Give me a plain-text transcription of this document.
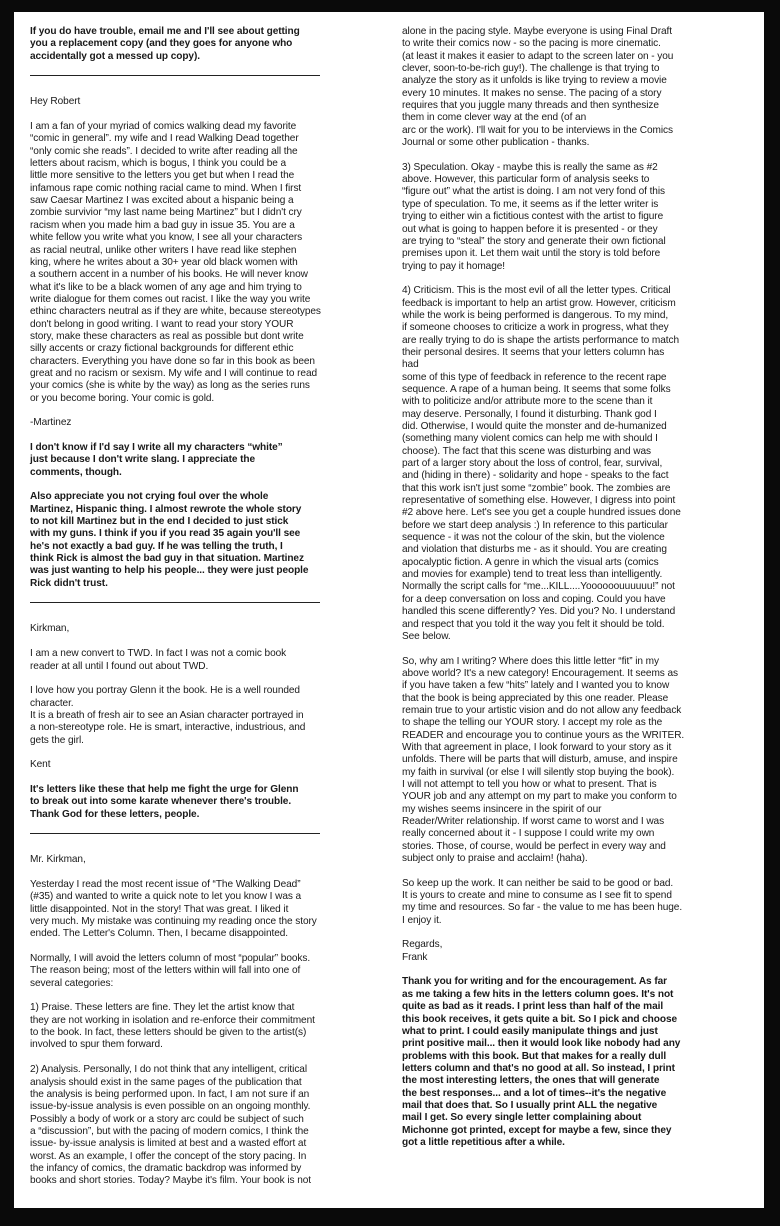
If you do have trouble, email me and I'll see about getting
you a replacement copy (and they goes for anyone who
accidentally got a messed up copy).

Hey Robert

I am a fan of your myriad of comics walking dead my favorite
“comic in general”. my wife and I read Walking Dead together
“only comic she reads”. I decided to write after reading all the
letters about racism, which is bogus, I think you could be a
little more sensitive to the letters you get but when I read the
infamous rape comic nothing racial came to mind. When I first
saw Caesar Martinez I was excited about a hispanic being a
zombie survivior “my last name being Martinez” but I didn't cry
racism when you made him a bad guy in issue 35. You are a
white fellow you write what you know, I see all your characters
as racial neutral, unlike other writers I have read like stephen
king, where he writes about a 30+ year old black women with
a southern accent in a number of his books. He will never know
what it's like to be a black women of any age and him trying to
write dialogue for them comes out racist. I like the way you write
ethinc characters neutral as if they are white, because stereotypes
don't belong in good writing. I want to read your story YOUR
story, make these characters as real as possible but dont write
silly accents or crazy fictional backgrounds for different ethic
characters. Everything you have done so far in this book as been
great and no racism or sexism. My wife and I will continue to read
your comics (she is white by the way) as long as the series runs
or you become boring. Your comic is gold.

-Martinez

I don't know if I'd say I write all my characters “white”
just because I don't write slang. I appreciate the
comments, though.

Also appreciate you not crying foul over the whole
Martinez, Hispanic thing. I almost rewrote the whole story
to not kill Martinez but in the end I decided to just stick
with my guns. I think if you if you read 35 again you'll see
he's not exactly a bad guy. If he was telling the truth, I
think Rick is almost the bad guy in that situation. Martinez
was just wanting to help his people... they were just people
Rick didn't trust.

Kirkman,

I am a new convert to TWD. In fact I was not a comic book
reader at all until I found out about TWD.

I love how you portray Glenn it the book. He is a well rounded
character.
It is a breath of fresh air to see an Asian character portrayed in
a non-stereotype role. He is smart, interactive, industrious, and
gets the girl.

Kent

It's letters like these that help me fight the urge for Glenn
to break out into some karate whenever there's trouble.
Thank God for these letters, people.

Mr. Kirkman,

Yesterday I read the most recent issue of “The Walking Dead”
(#35) and wanted to write a quick note to let you know I was a
little disappointed. Not in the story! That was great. I liked it
very much. My mistake was continuing my reading once the story
ended. The Letter's Column. Then, I became disappointed.

Normally, I will avoid the letters column of most “popular” books.
The reason being; most of the letters within will fall into one of
several categories:

1) Praise. These letters are fine. They let the artist know that
they are not working in isolation and re-enforce their commitment
to the book. In fact, these letters should be given to the artist(s)
involved to spur them forward.

2) Analysis. Personally, I do not think that any intelligent, critical
analysis should exist in the same pages of the publication that
the analysis is being performed upon. In fact, I am not sure if an
issue-by-issue analysis is even possible on an ongoing monthly.
Possibly a body of work or a story arc could be subject of such
a “discussion”, but with the pacing of modern comics, I think the
issue- by-issue analysis is limited at best and a wasted effort at
worst. As an example, I offer the concept of the story pacing. In
the infancy of comics, the dramatic backdrop was informed by
books and short stories. Today? Maybe it's film. Your book is not

alone in the pacing style. Maybe everyone is using Final Draft
to write their comics now - so the pacing is more cinematic.
(at least it makes it easier to adapt to the screen later on - you
clever, soon-to-be-rich guy!). The challenge is that trying to
analyze the story as it unfolds is like trying to review a movie
every 10 minutes. It makes no sense. The pacing of a story
requires that you juggle many threads and then synthesize
them in come clever way at the end (of an
arc or the work). I'll wait for you to be interviews in the Comics
Journal or some other publication - thanks.

3) Speculation. Okay - maybe this is really the same as #2
above. However, this particular form of analysis seeks to
“figure out” what the artist is doing. I am not very fond of this
type of speculation. To me, it seems as if the letter writer is
trying to either win a fictitious contest with the artist to figure
out what is going to happen before it is presented - or they
are trying to “steal” the story and generate their own fictional
premises upon it. Let them wait until the story is told before
trying to pay it homage!

4) Criticism. This is the most evil of all the letter types. Critical
feedback is important to help an artist grow. However, criticism
while the work is being performed is dangerous. To my mind,
if someone chooses to criticize a work in progress, what they
are really trying to do is shape the artists performance to match
their personal desires. It seems that your letters column has
had
some of this type of feedback in reference to the recent rape
sequence. A rape of a human being. It seems that some folks
with to politicize and/or attribute more to the scene than it
may deserve. Personally, I found it disturbing. Thank god I
did. Otherwise, I would quite the monster and de-humanized
(something many violent comics can help me with should I
choose). The fact that this scene was disturbing and was
part of a larger story about the loss of control, fear, survival,
and (hiding in there) - solidarity and hope - speaks to the fact
that this work isn't just some “zombie” book. The zombies are
representative of something else. However, I digress into point
#2 above here. Let's see you get a couple hundred issues done
before we start deep analysis :) In reference to this particular
sequence - it was not the colour of the skin, but the violence
and violation that disturbs me - as it should. You are creating
apocalyptic fiction. A genre in which the visual arts (comics
and movies for example) tend to treat less than intelligently.
Normally the script calls for “me...KILL....Yoooooouuuuuu!” not
for a deep conversation on loss and coping. Could you have
handled this scene differently? Yes. Did you? No. I understand
and respect that you told it the way you felt it should be told.
See below.

So, why am I writing? Where does this little letter “fit” in my
above world? It's a new category! Encouragement. It seems as
if you have taken a few “hits” lately and I wanted you to know
that the book is being appreciated by this one reader. Please
remain true to your artistic vision and do not allow any feedback
to shape the telling our YOUR story. I accept my role as the
READER and encourage you to continue yours as the WRITER.
With that agreement in place, I look forward to your story as it
unfolds. There will be parts that will disturb, amuse, and inspire
my faith in survival (or else I will silently stop buying the book).
I will not attempt to tell you how or what to present. That is
YOUR job and any attempt on my part to make you conform to
my wishes seems insincere in the spirit of our
Reader/Writer relationship. If worst came to worst and I was
really concerned about it - I suppose I could write my own
stories. Those, of course, would be perfect in every way and
subject only to praise and acclaim! (haha).

So keep up the work. It can neither be said to be good or bad.
It is yours to create and mine to consume as I see fit to spend
my time and resources. So far - the value to me has been huge.
I enjoy it.

Regards,
Frank

Thank you for writing and for the encouragement. As far
as me taking a few hits in the letters column goes. It's not
quite as bad as it reads. I print less than half of the mail
this book receives, it gets quite a bit. So I pick and choose
what to print. I could easily manipulate things and just
print positive mail... then it would look like nobody had any
problems with this book. But that makes for a really dull
letters column and that's no good at all. So instead, I print
the most interesting letters, the ones that will generate
the best responses... and a lot of times--it's the negative
mail that does that. So I usually print ALL the negative
mail I get. So every single letter complaining about
Michonne got printed, except for maybe a few, since they
got a little repetitious after a while.
